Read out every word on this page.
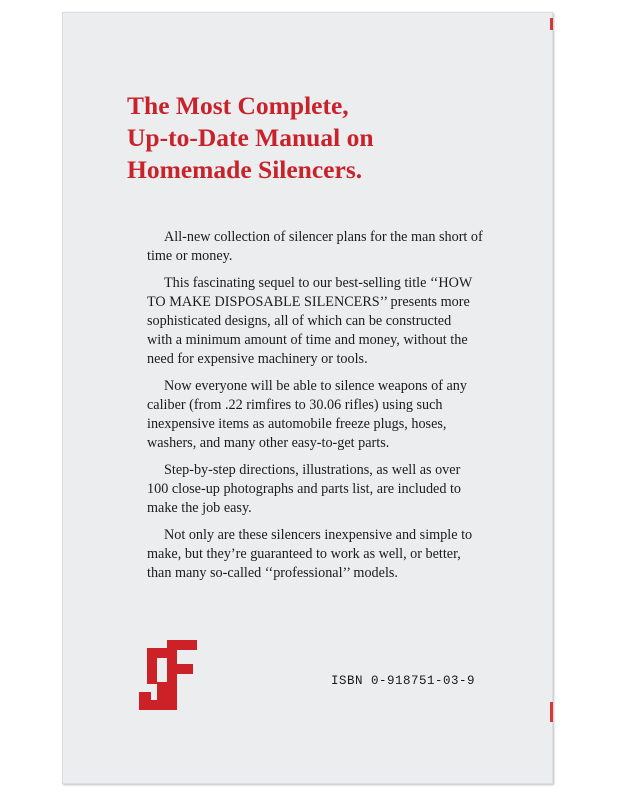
The Most Complete,
Up-to-Date Manual on
Homemade Silencers.

All-new collection of silencer plans for the man short of
time or money.

This fascinating sequel to our best-selling title ‘‘HOW
TO MAKE DISPOSABLE SILENCERS’’ presents more
sophisticated designs, all of which can be constructed
with a minimum amount of time and money, without the
need for expensive machinery or tools.

Now everyone will be able to silence weapons of any
caliber (from .22 rimfires to 30.06 rifles) using such
inexpensive items as automobile freeze plugs, hoses,
washers, and many other easy-to-get parts.

Step-by-step directions, illustrations, as well as over
100 close-up photographs and parts list, are included to
make the job easy.

Not only are these silencers inexpensive and simple to
make, but they’re guaranteed to work as well, or better,
than many so-called ‘‘professional’’ models.

ISBN 0-918751-03-9
